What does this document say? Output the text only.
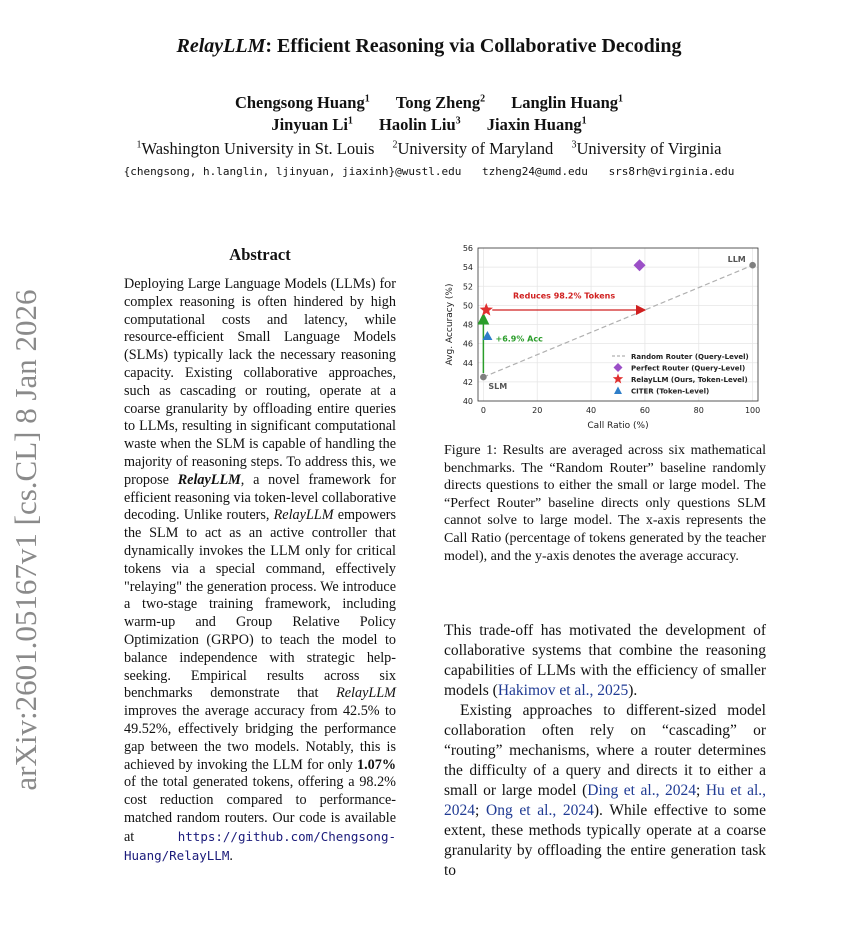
arXiv:2601.05167v1 [cs.CL] 8 Jan 2026
RelayLLM: Efficient Reasoning via Collaborative Decoding
Chengsong Huang$^1$ Tong Zheng$^2$ Langlin Huang$^1$
Jinyuan Li$^1$ Haolin Liu$^3$ Jiaxin Huang$^1$
$^1$Washington University in St. Louis $^2$University of Maryland $^3$University of Virginia
{chengsong, h.langlin, ljinyuan, jiaxinh}@wustl.edu tzheng24@umd.edu srs8rh@virginia.edu
Abstract
Deploying Large Language Models (LLMs) for complex reasoning is often hindered by high computational costs and latency, while resource-efficient Small Language Models (SLMs) typically lack the necessary reasoning capacity. Existing collaborative approaches, such as cascading or routing, operate at a coarse granularity by offloading entire queries to LLMs, resulting in significant computational waste when the SLM is capable of handling the majority of reasoning steps. To address this, we propose RelayLLM, a novel framework for efficient reasoning via token-level collaborative decoding. Unlike routers, RelayLLM empowers the SLM to act as an active controller that dynamically invokes the LLM only for critical tokens via a special command, effectively "relaying" the generation process. We introduce a two-stage training framework, including warm-up and Group Relative Policy Optimization (GRPO) to teach the model to balance independence with strategic help-seeking. Empirical results across six benchmarks demonstrate that RelayLLM improves the average accuracy from 42.5% to 49.52%, effectively bridging the performance gap between the two models. Notably, this is achieved by invoking the LLM for only 1.07% of the total generated tokens, offering a 98.2% cost reduction compared to performance-matched random routers. Our code is available at https://github.com/Chengsong-Huang/RelayLLM.
40
42
44
46
48
50
52
54
56
0	20	40	60	80	100
Call Ratio (%)
Avg. Accuracy (%)	Reduces 98.2% Tokens
+6.9% Acc
SLM
LLM
Random Router (Query-Level)
Perfect Router (Query-Level)
RelayLLM (Ours, Token-Level)
CITER (Token-Level)
Figure 1: Results are averaged across six mathematical benchmarks. The “Random Router” baseline randomly directs questions to either the small or large model. The “Perfect Router” baseline directs only questions SLM cannot solve to large model. The x-axis represents the Call Ratio (percentage of tokens generated by the teacher model), and the y-axis denotes the average accuracy.
This trade-off has motivated the development of collaborative systems that combine the reasoning capabilities of LLMs with the efficiency of smaller models (Hakimov et al., 2025).
Existing approaches to different-sized model collaboration often rely on “cascading” or “routing” mechanisms, where a router determines the difficulty of a query and directs it to either a small or large model (Ding et al., 2024; Hu et al., 2024; Ong et al., 2024). While effective to some extent, these methods typically operate at a coarse granularity by offloading the entire generation task to
